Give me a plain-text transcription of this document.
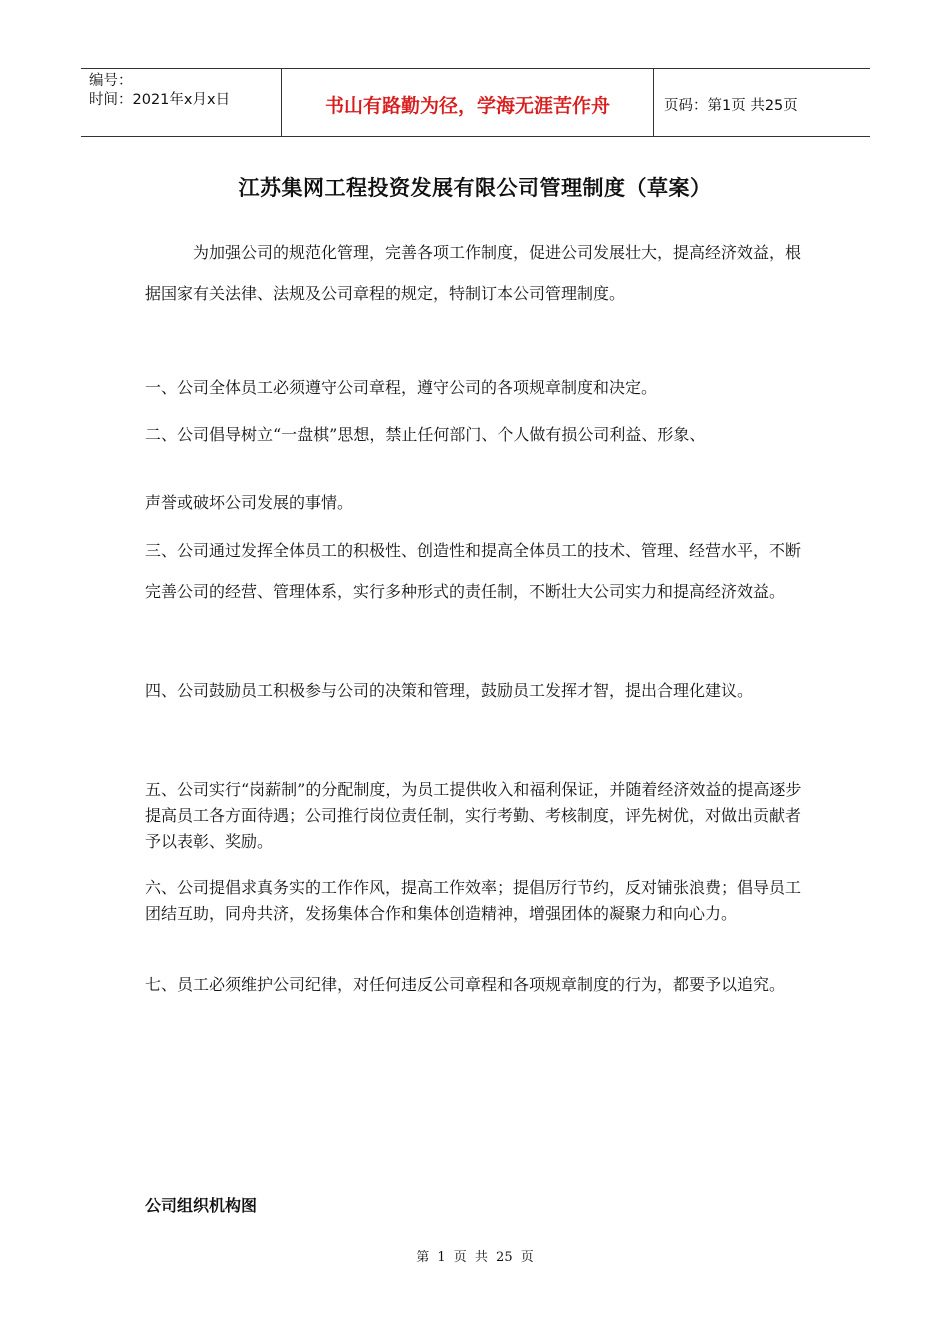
编号：
时间：2021年x月x日	书山有路勤为径，学海无涯苦作舟	页码：第1页 共25页
江苏集网工程投资发展有限公司管理制度（草案）

为加强公司的规范化管理，完善各项工作制度，促进公司发展壮大，提高经济效益，根据国家有关法律、法规及公司章程的规定，特制订本公司管理制度。

一、公司全体员工必须遵守公司章程，遵守公司的各项规章制度和决定。

二、公司倡导树立“一盘棋”思想，禁止任何部门、个人做有损公司利益、形象、

声誉或破坏公司发展的事情。

三、公司通过发挥全体员工的积极性、创造性和提高全体员工的技术、管理、经营水平，不断完善公司的经营、管理体系，实行多种形式的责任制，不断壮大公司实力和提高经济效益。

四、公司鼓励员工积极参与公司的决策和管理，鼓励员工发挥才智，提出合理化建议。

五、公司实行“岗薪制”的分配制度，为员工提供收入和福利保证，并随着经济效益的提高逐步提高员工各方面待遇；公司推行岗位责任制，实行考勤、考核制度，评先树优，对做出贡献者予以表彰、奖励。

六、公司提倡求真务实的工作作风，提高工作效率；提倡厉行节约，反对铺张浪费；倡导员工团结互助，同舟共济，发扬集体合作和集体创造精神，增强团体的凝聚力和向心力。

七、员工必须维护公司纪律，对任何违反公司章程和各项规章制度的行为，都要予以追究。

公司组织机构图
第 1 页 共 25 页
